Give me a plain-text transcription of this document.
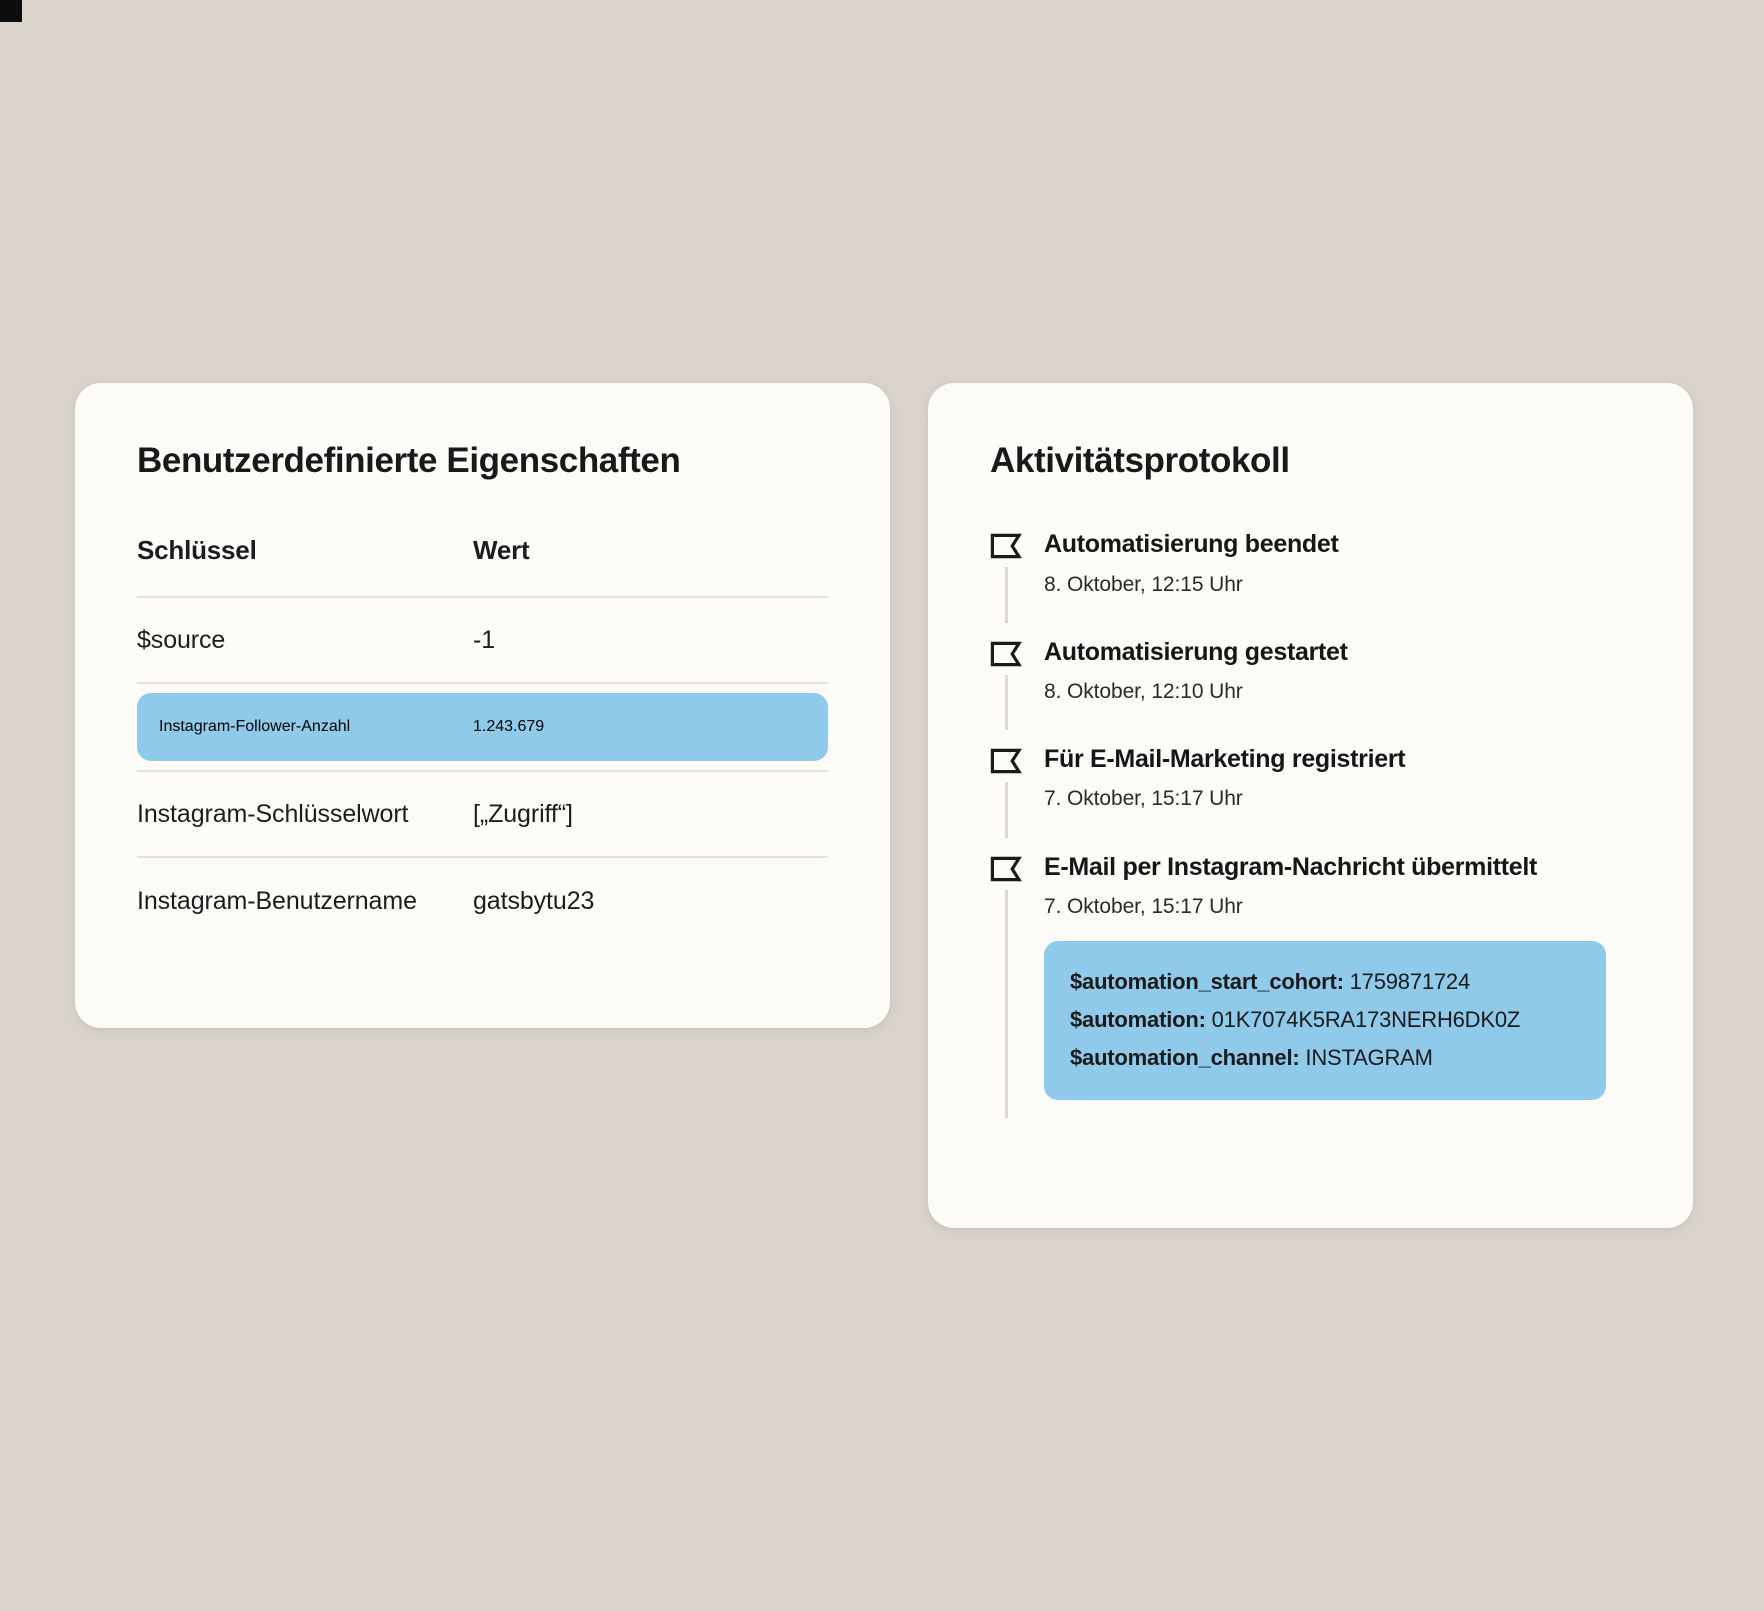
Benutzerdefinierte Eigenschaften
Schlüssel	Wert
$source	-1
Instagram-Follower-Anzahl	1.243.679
Instagram-Schlüsselwort	[„Zugriff“]
Instagram-Benutzername	gatsbytu23
Aktivitätsprotokoll

Automatisierung beendet

8. Oktober, 12:15 Uhr

Automatisierung gestartet

8. Oktober, 12:10 Uhr

Für E-Mail-Marketing registriert

7. Oktober, 15:17 Uhr

E-Mail per Instagram-Nachricht übermittelt

7. Oktober, 15:17 Uhr

$automation_start_cohort: 1759871724
$automation: 01K7074K5RA173NERH6DK0Z
$automation_channel: INSTAGRAM
